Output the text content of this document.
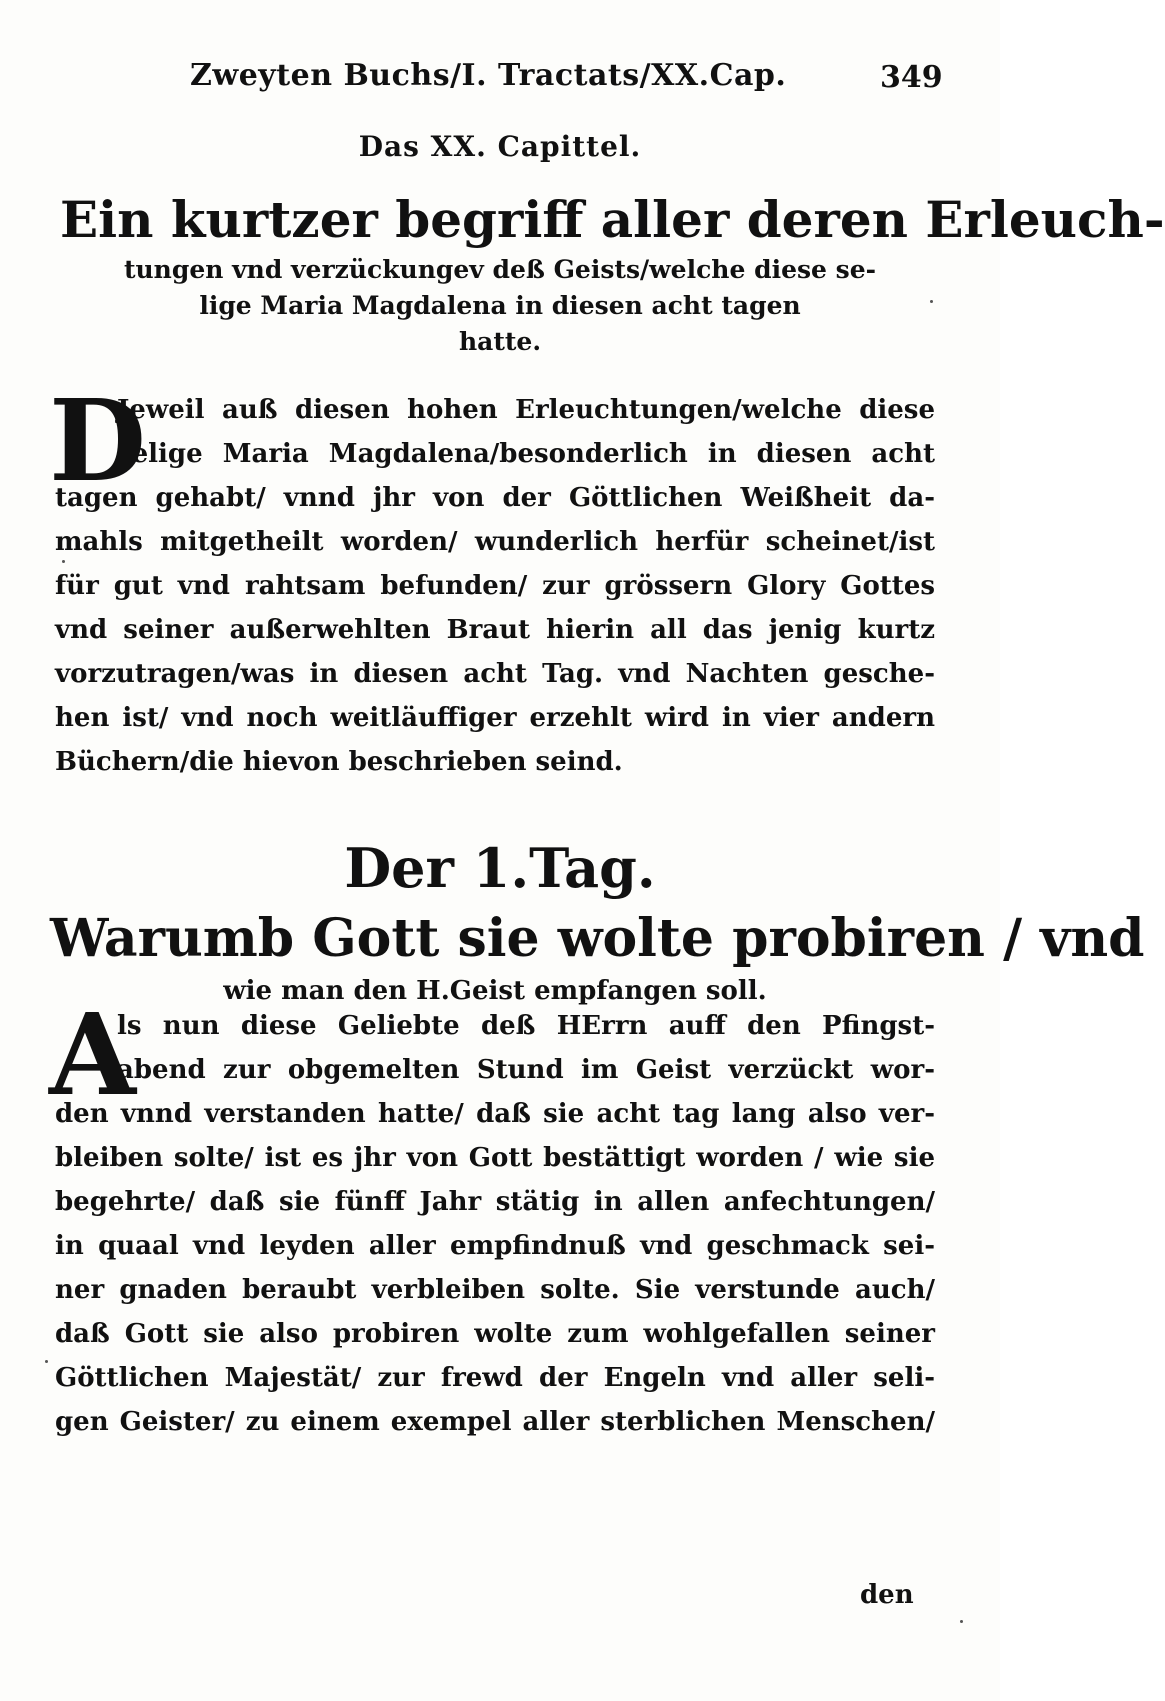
Zweyten Buchs/I. Tractats/XX.Cap.	349
Das XX. Capittel.
Ein kurtzer begriff aller deren Erleuch-
tungen vnd verzückungev deß Geists/welche diese se-
lige Maria Magdalena in diesen acht tagen
hatte.
D
Jeweil auß diesen hohen Erleuchtungen/welche diese
selige Maria Magdalena/besonderlich in diesen acht
tagen gehabt/ vnnd jhr von der Göttlichen Weißheit da-
mahls mitgetheilt worden/ wunderlich herfür scheinet/ist
für gut vnd rahtsam befunden/ zur grössern Glory Gottes
vnd seiner außerwehlten Braut hierin all das jenig kurtz
vorzutragen/was in diesen acht Tag. vnd Nachten gesche-
hen ist/ vnd noch weitläuffiger erzehlt wird in vier andern
Büchern/die hievon beschrieben seind.
Der 1.Tag.
Warumb Gott sie wolte probiren / vnd
wie man den H.Geist empfangen soll.
A
ls nun diese Geliebte deß HErrn auff den Pfingst-
abend zur obgemelten Stund im Geist verzückt wor-
den vnnd verstanden hatte/ daß sie acht tag lang also ver-
bleiben solte/ ist es jhr von Gott bestättigt worden / wie sie
begehrte/ daß sie fünff Jahr stätig in allen anfechtungen/
in quaal vnd leyden aller empfindnuß vnd geschmack sei-
ner gnaden beraubt verbleiben solte. Sie verstunde auch/
daß Gott sie also probiren wolte zum wohlgefallen seiner
Göttlichen Majestät/ zur frewd der Engeln vnd aller seli-
gen Geister/ zu einem exempel aller sterblichen Menschen/
den
